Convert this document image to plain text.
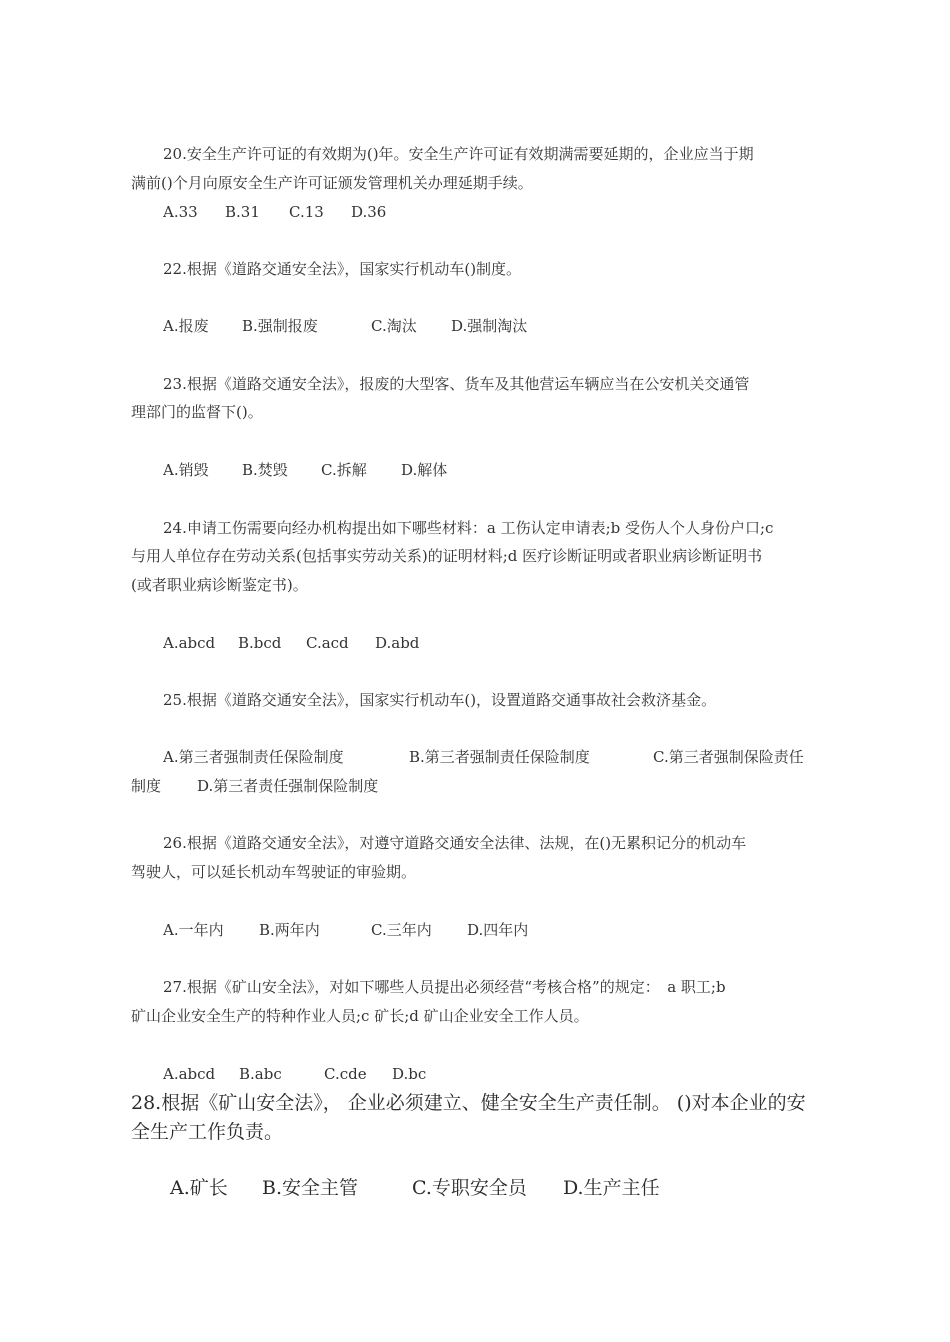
20.安全生产许可证的有效期为()年。安全生产许可证有效期满需要延期的，企业应当于期
满前()个月向原安全生产许可证颁发管理机关办理延期手续。
A.33 B.31 C.13 D.36
22.根据《道路交通安全法》，国家实行机动车()制度。
A.报废 B.强制报废	C.淘汰 D.强制淘汰
23.根据《道路交通安全法》，报废的大型客、货车及其他营运车辆应当在公安机关交通管
理部门的监督下()。
A.销毁 B.焚毁 C.拆解 D.解体
24.申请工伤需要向经办机构提出如下哪些材料：a 工伤认定申请表;b 受伤人个人身份户口;c
与用人单位存在劳动关系(包括事实劳动关系)的证明材料;d 医疗诊断证明或者职业病诊断证明书
(或者职业病诊断鉴定书)。
A.abcd B.bcd C.acd D.abd
25.根据《道路交通安全法》，国家实行机动车()，设置道路交通事故社会救济基金。
A.第三者强制责任保险制度	B.第三者强制责任保险制度	C.第三者强制保险责任
制度 D.第三者责任强制保险制度
26.根据《道路交通安全法》，对遵守道路交通安全法律、法规，在()无累积记分的机动车
驾驶人，可以延长机动车驾驶证的审验期。
A.一年内 B.两年内	C.三年内 D.四年内
27.根据《矿山安全法》，对如下哪些人员提出必须经营“考核合格”的规定：　a 职工;b
矿山企业安全生产的特种作业人员;c 矿长;d 矿山企业安全工作人员。
A.abcd B.abc	C.cde D.bc
28.根据《矿山安全法》， 企业必须建立、健全安全生产责任制。 ()对本企业的安
全生产工作负责。
A.矿长 B.安全主管	C.专职安全员 D.生产主任
